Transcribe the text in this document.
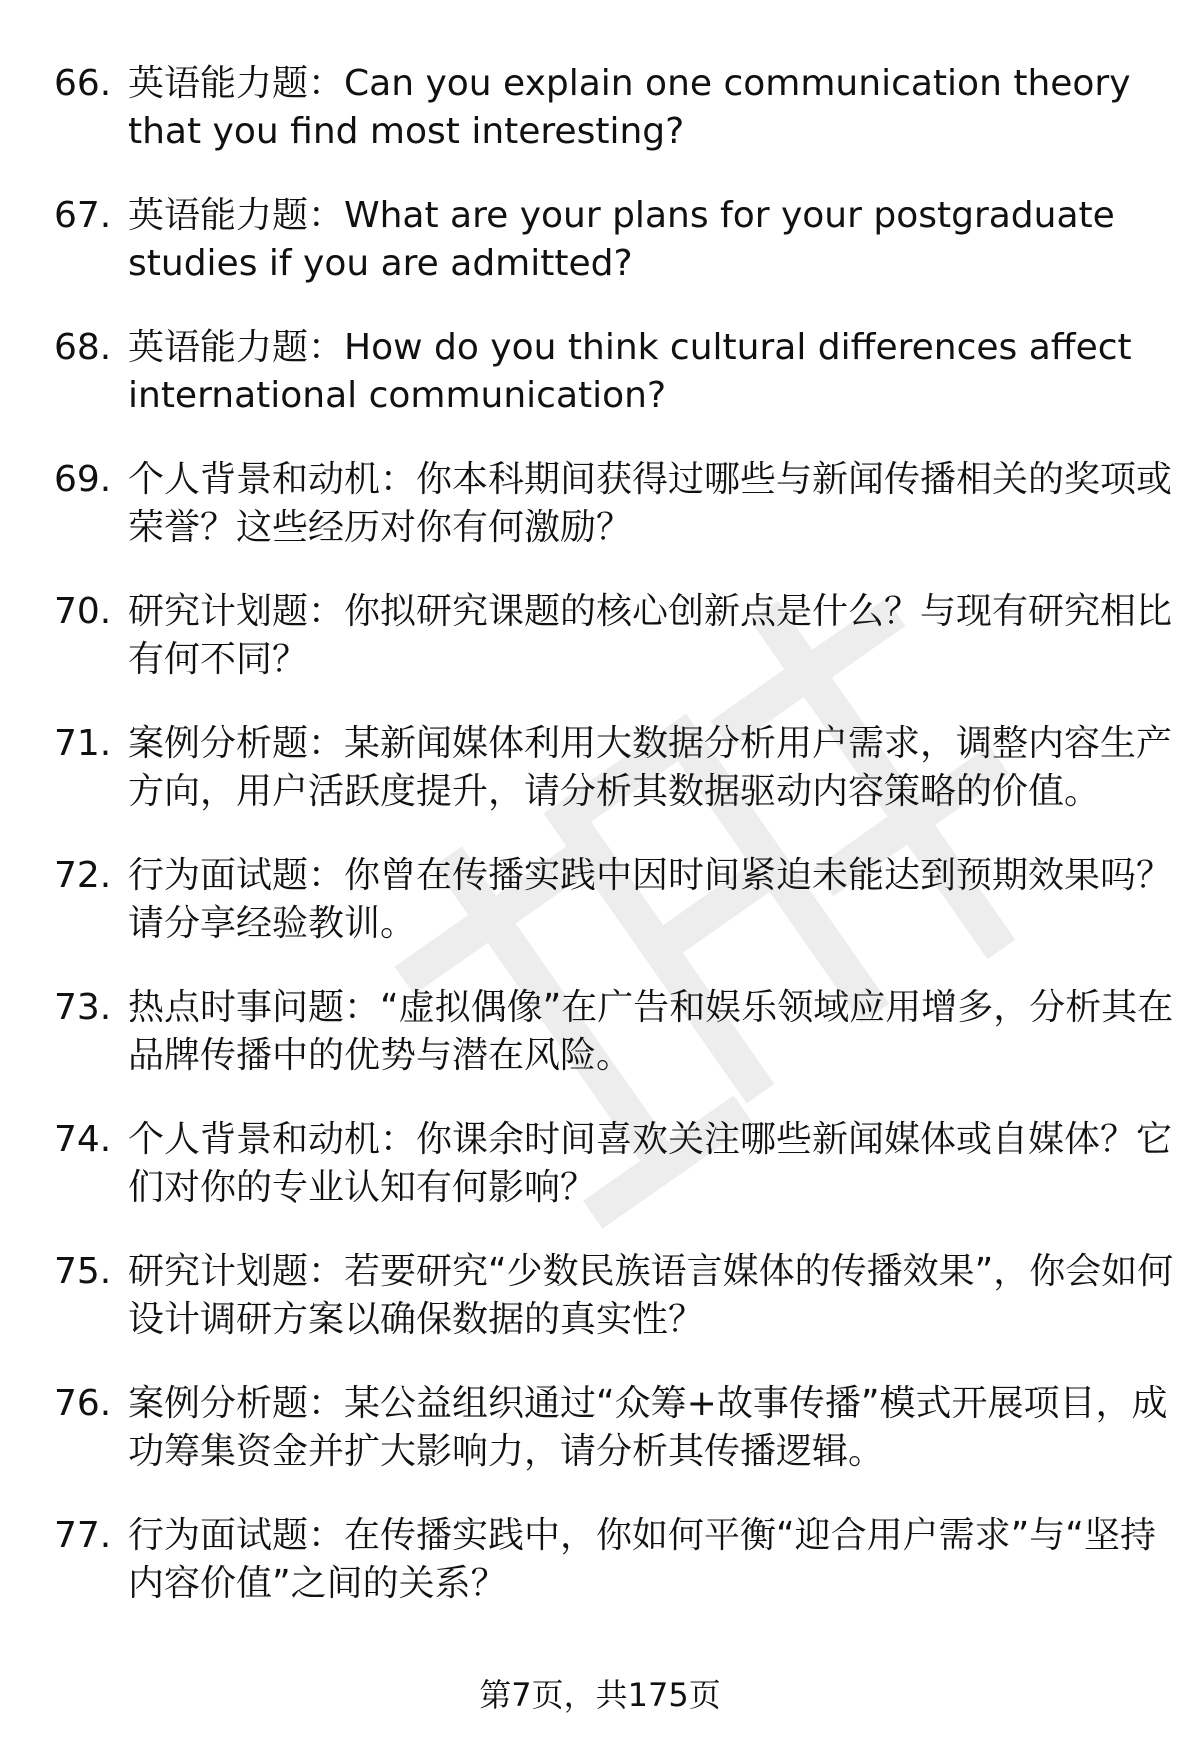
66. 英语能力题：Can you explain one communication theory that you find most interesting?
67. 英语能力题：What are your plans for your postgraduate studies if you are admitted?
68. 英语能力题：How do you think cultural differences affect international communication?
69. 个人背景和动机：你本科期间获得过哪些与新闻传播相关的奖项或荣誉？这些经历对你有何激励？
70. 研究计划题：你拟研究课题的核心创新点是什么？与现有研究相比有何不同？
71. 案例分析题：某新闻媒体利用大数据分析用户需求，调整内容生产方向，用户活跃度提升，请分析其数据驱动内容策略的价值。
72. 行为面试题：你曾在传播实践中因时间紧迫未能达到预期效果吗？请分享经验教训。
73. 热点时事问题：“虚拟偶像”在广告和娱乐领域应用增多，分析其在品牌传播中的优势与潜在风险。
74. 个人背景和动机：你课余时间喜欢关注哪些新闻媒体或自媒体？它们对你的专业认知有何影响？
75. 研究计划题：若要研究“少数民族语言媒体的传播效果”，你会如何设计调研方案以确保数据的真实性？
76. 案例分析题：某公益组织通过“众筹+故事传播”模式开展项目，成功筹集资金并扩大影响力，请分析其传播逻辑。
77. 行为面试题：在传播实践中，你如何平衡“迎合用户需求”与“坚持内容价值”之间的关系？
第7页，共175页
